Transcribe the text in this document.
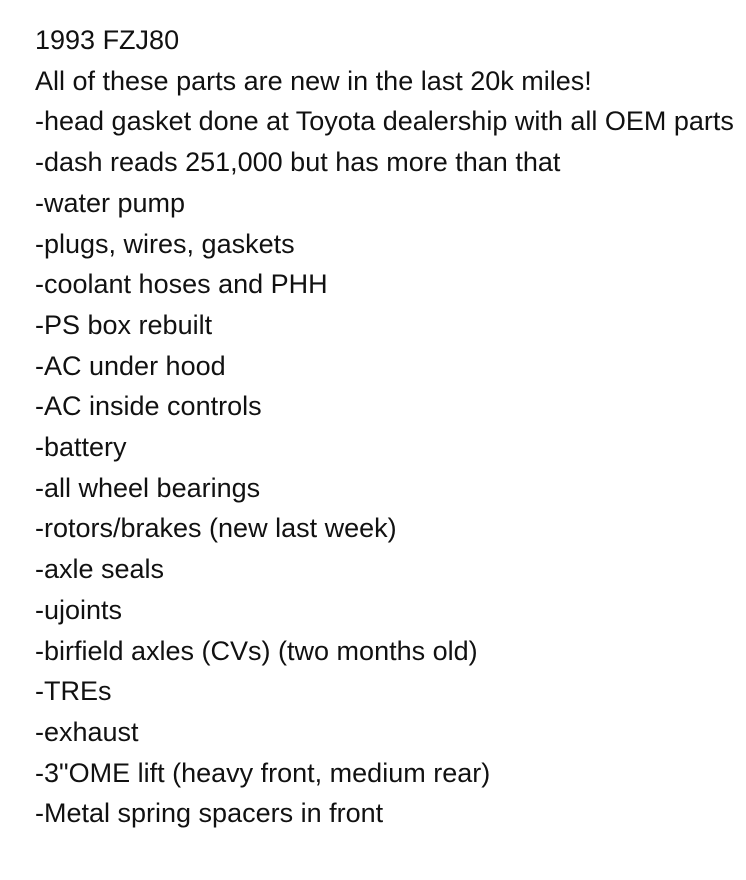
1993 FZJ80
All of these parts are new in the last 20k miles!
-head gasket done at Toyota dealership with all OEM parts
-dash reads 251,000 but has more than that
-water pump
-plugs, wires, gaskets
-coolant hoses and PHH
-PS box rebuilt
-AC under hood
-AC inside controls
-battery
-all wheel bearings
-rotors/brakes (new last week)
-axle seals
-ujoints
-birfield axles (CVs) (two months old)
-TREs
-exhaust
-3"OME lift (heavy front, medium rear)
-Metal spring spacers in front
